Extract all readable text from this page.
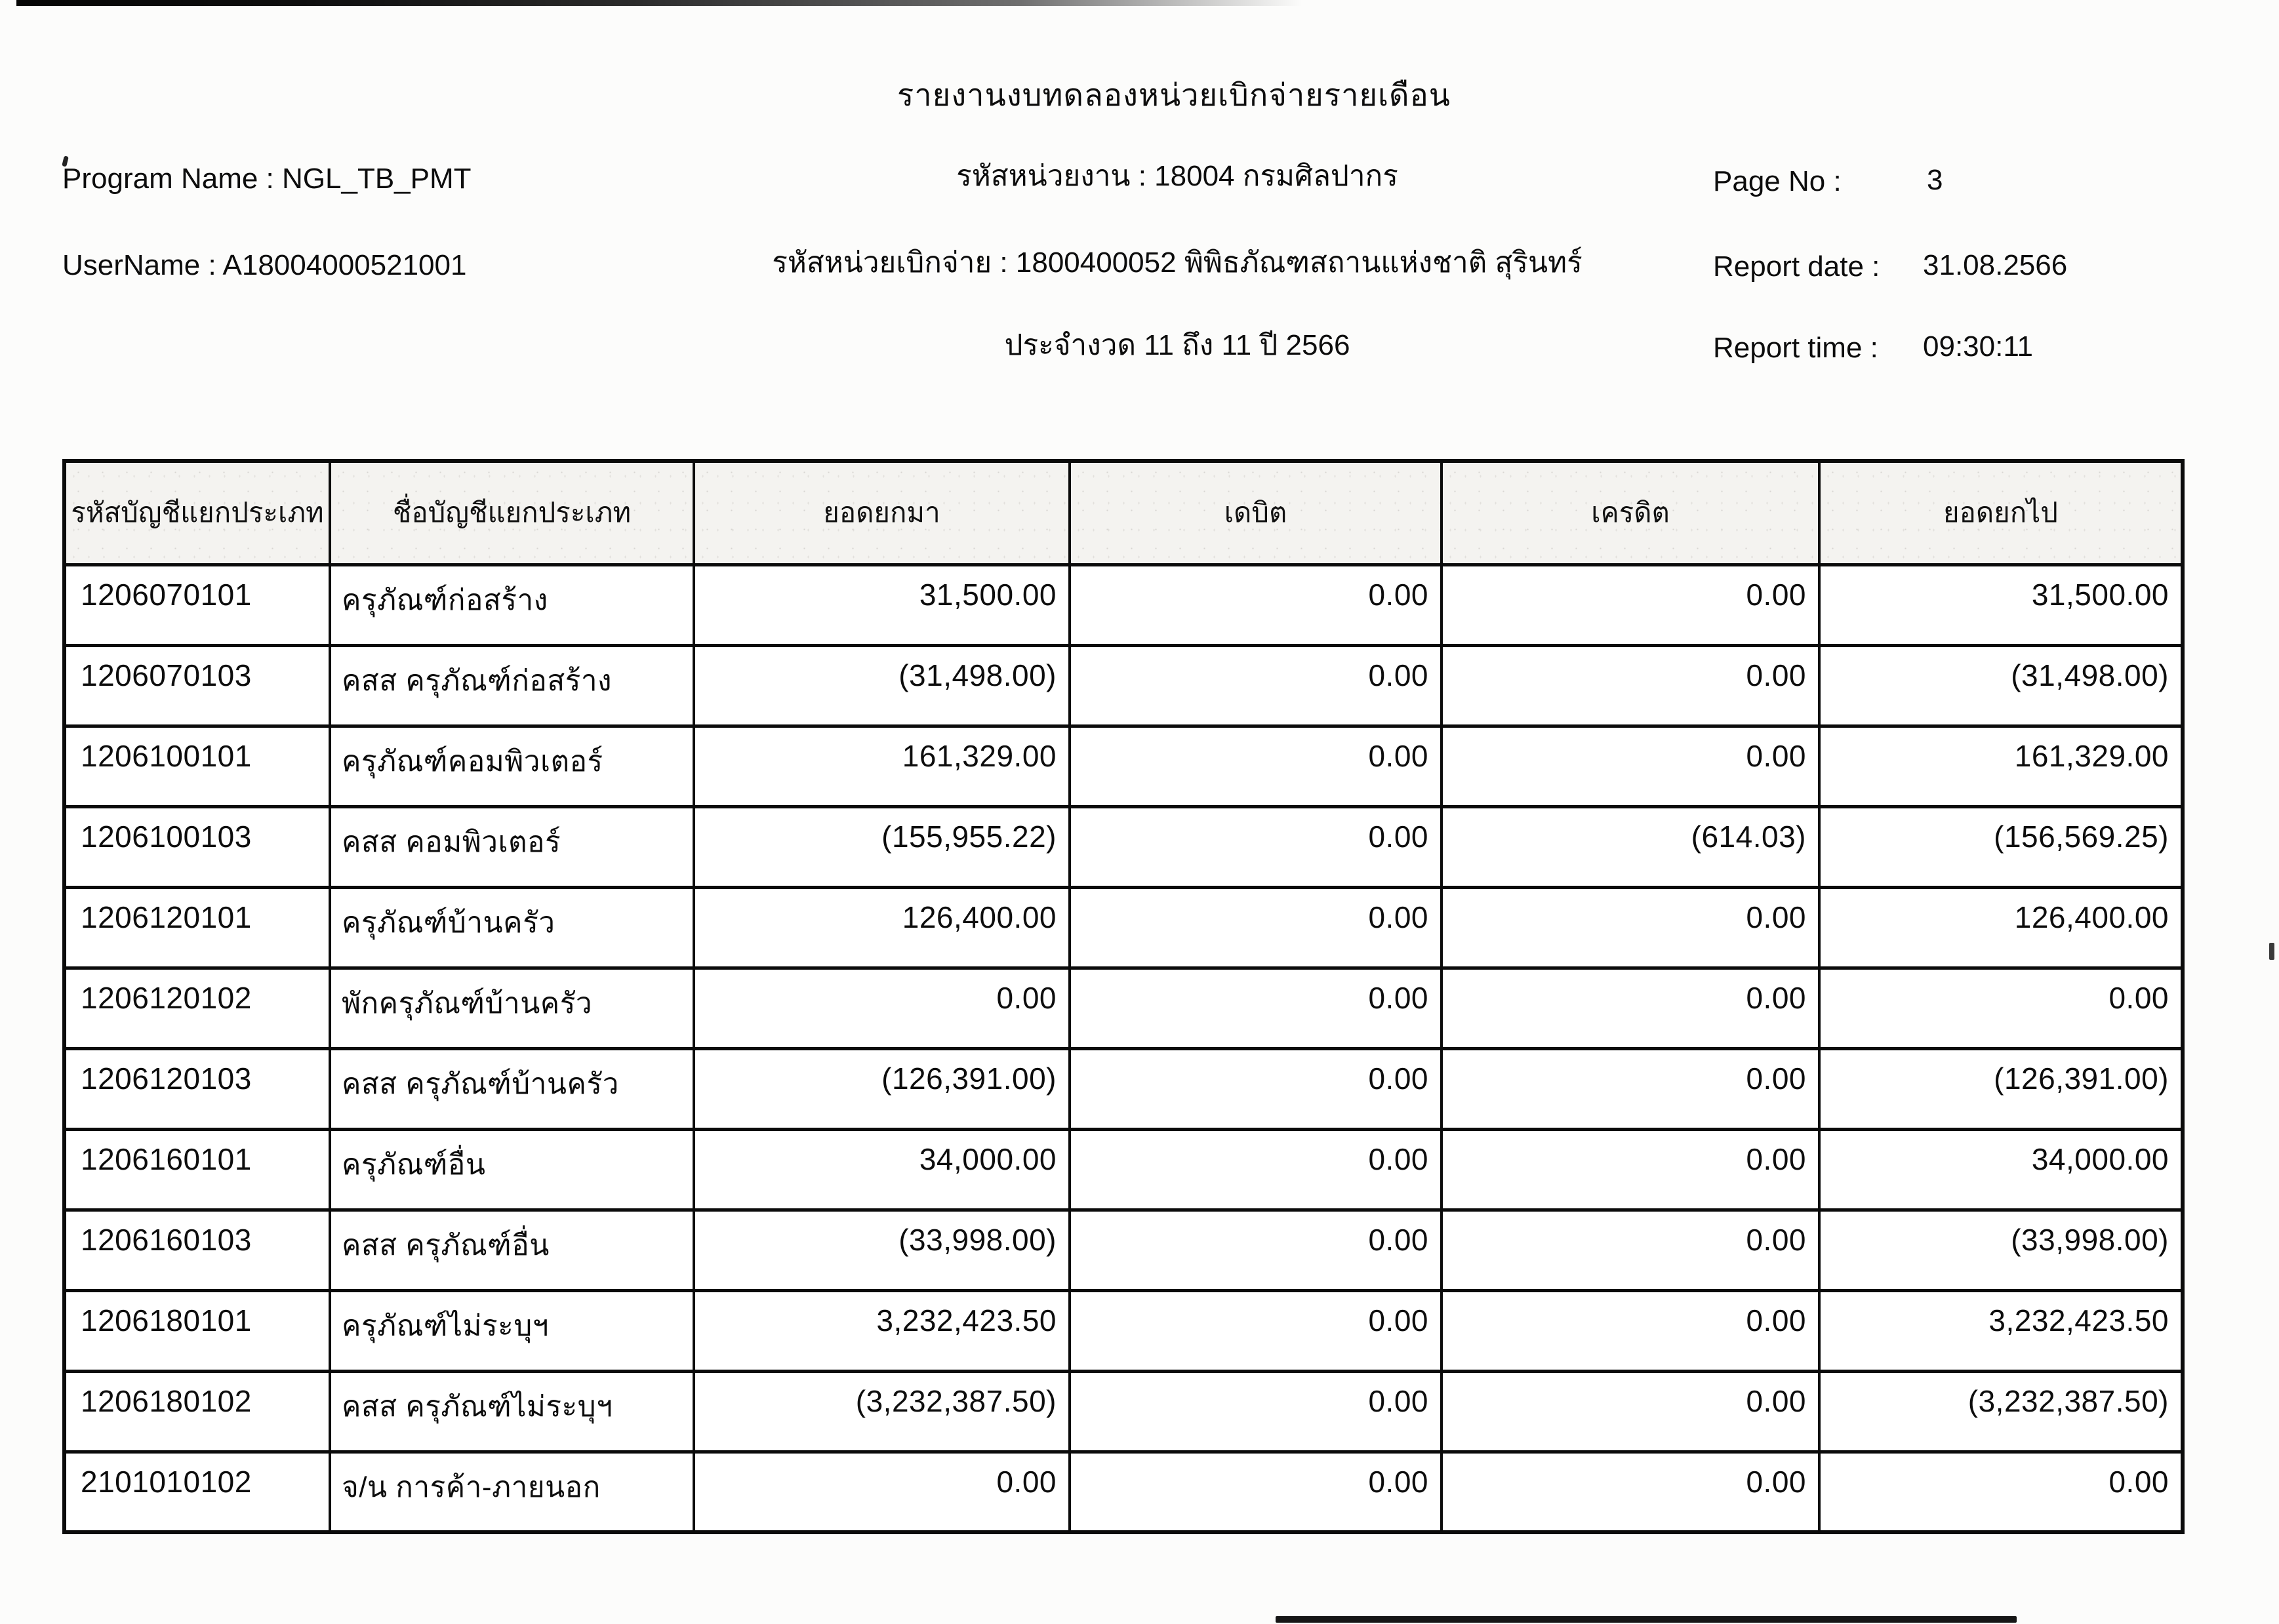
รายงานงบทดลองหน่วยเบิกจ่ายรายเดือน
Program Name : NGL_TB_PMT
UserName : A18004000521001
รหัสหน่วยงาน : 18004 กรมศิลปากร
รหัสหน่วยเบิกจ่าย : 1800400052 พิพิธภัณฑสถานแห่งชาติ สุรินทร์
ประจำงวด 11 ถึง 11 ปี 2566
Page No :	3
Report date : 31.08.2566
Report time : 09:30:11
รหัสบัญชีแยกประเภท	ชื่อบัญชีแยกประเภท	ยอดยกมา	เดบิต	เครดิต	ยอดยกไป
1206070101	ครุภัณฑ์ก่อสร้าง	31,500.00	0.00	0.00	31,500.00
1206070103	คสส ครุภัณฑ์ก่อสร้าง	(31,498.00)	0.00	0.00	(31,498.00)
1206100101	ครุภัณฑ์คอมพิวเตอร์	161,329.00	0.00	0.00	161,329.00
1206100103	คสส คอมพิวเตอร์	(155,955.22)	0.00	(614.03)	(156,569.25)
1206120101	ครุภัณฑ์บ้านครัว	126,400.00	0.00	0.00	126,400.00
1206120102	พักครุภัณฑ์บ้านครัว	0.00	0.00	0.00	0.00
1206120103	คสส ครุภัณฑ์บ้านครัว	(126,391.00)	0.00	0.00	(126,391.00)
1206160101	ครุภัณฑ์อื่น	34,000.00	0.00	0.00	34,000.00
1206160103	คสส ครุภัณฑ์อื่น	(33,998.00)	0.00	0.00	(33,998.00)
1206180101	ครุภัณฑ์ไม่ระบุฯ	3,232,423.50	0.00	0.00	3,232,423.50
1206180102	คสส ครุภัณฑ์ไม่ระบุฯ	(3,232,387.50)	0.00	0.00	(3,232,387.50)
2101010102	จ/น การค้า-ภายนอก	0.00	0.00	0.00	0.00
